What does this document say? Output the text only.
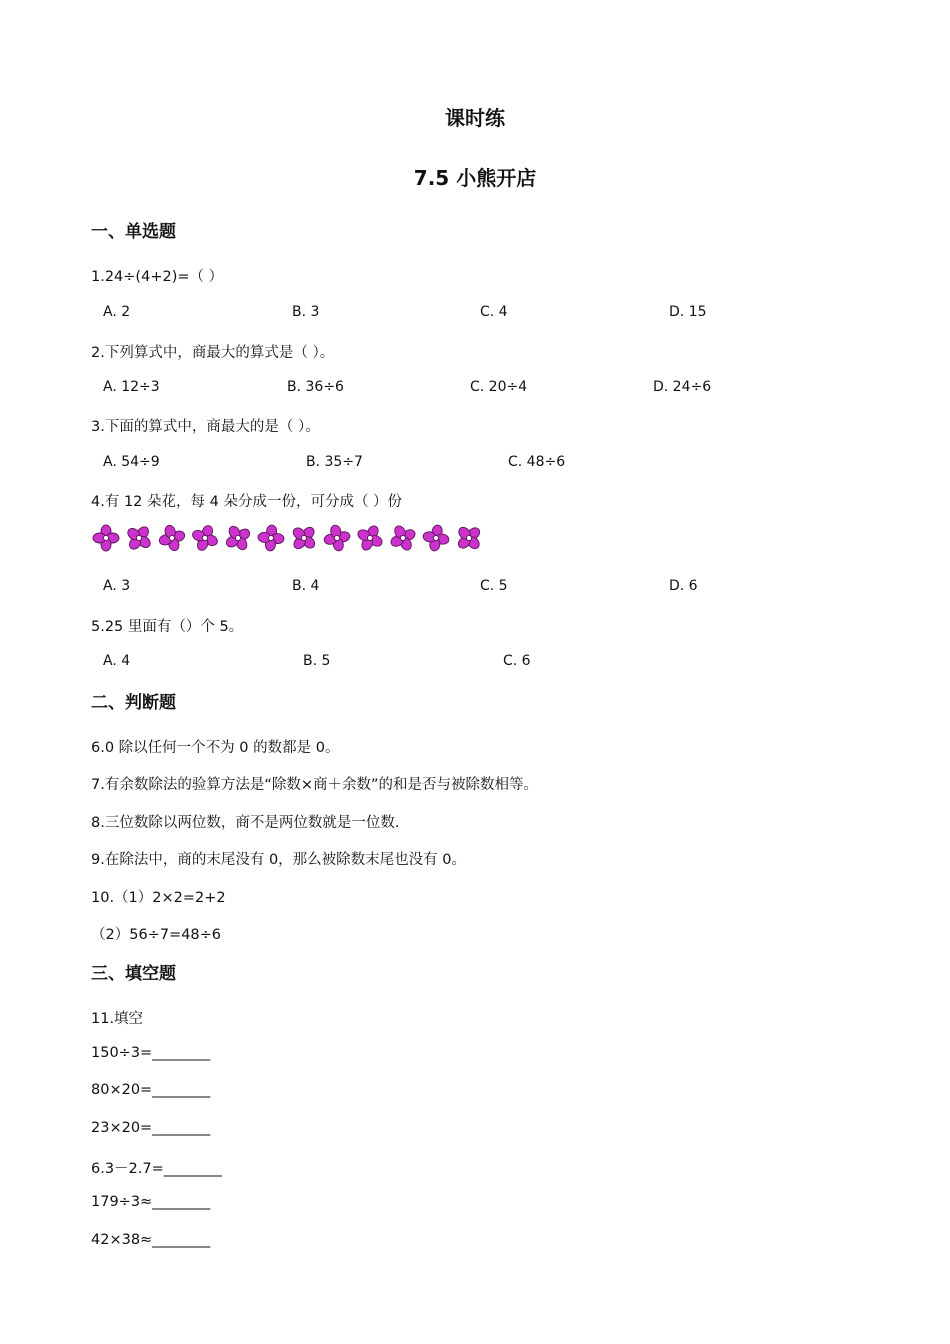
课时练
7.5 小熊开店
一、单选题
1.24÷(4+2)=（ ）
A. 2	B. 3	C. 4	D. 15
2.下列算式中，商最大的算式是（ ）。
A. 12÷3	B. 36÷6	C. 20÷4	D. 24÷6
3.下面的算式中，商最大的是（ ）。
A. 54÷9	B. 35÷7	C. 48÷6
4.有 12 朵花，每 4 朵分成一份，可分成（ ）份
A. 3	B. 4	C. 5	D. 6
5.25 里面有（）个 5。
A. 4	B. 5	C. 6
二、判断题
6.0 除以任何一个不为 0 的数都是 0。
7.有余数除法的验算方法是“除数×商＋余数”的和是否与被除数相等。
8.三位数除以两位数，商不是两位数就是一位数.
9.在除法中，商的末尾没有 0，那么被除数末尾也没有 0。
10.（1）2×2=2+2
（2）56÷7=48÷6
三、填空题
11.填空
150÷3=________
80×20=________
23×20=________
6.3－2.7=________
179÷3≈________
42×38≈________
